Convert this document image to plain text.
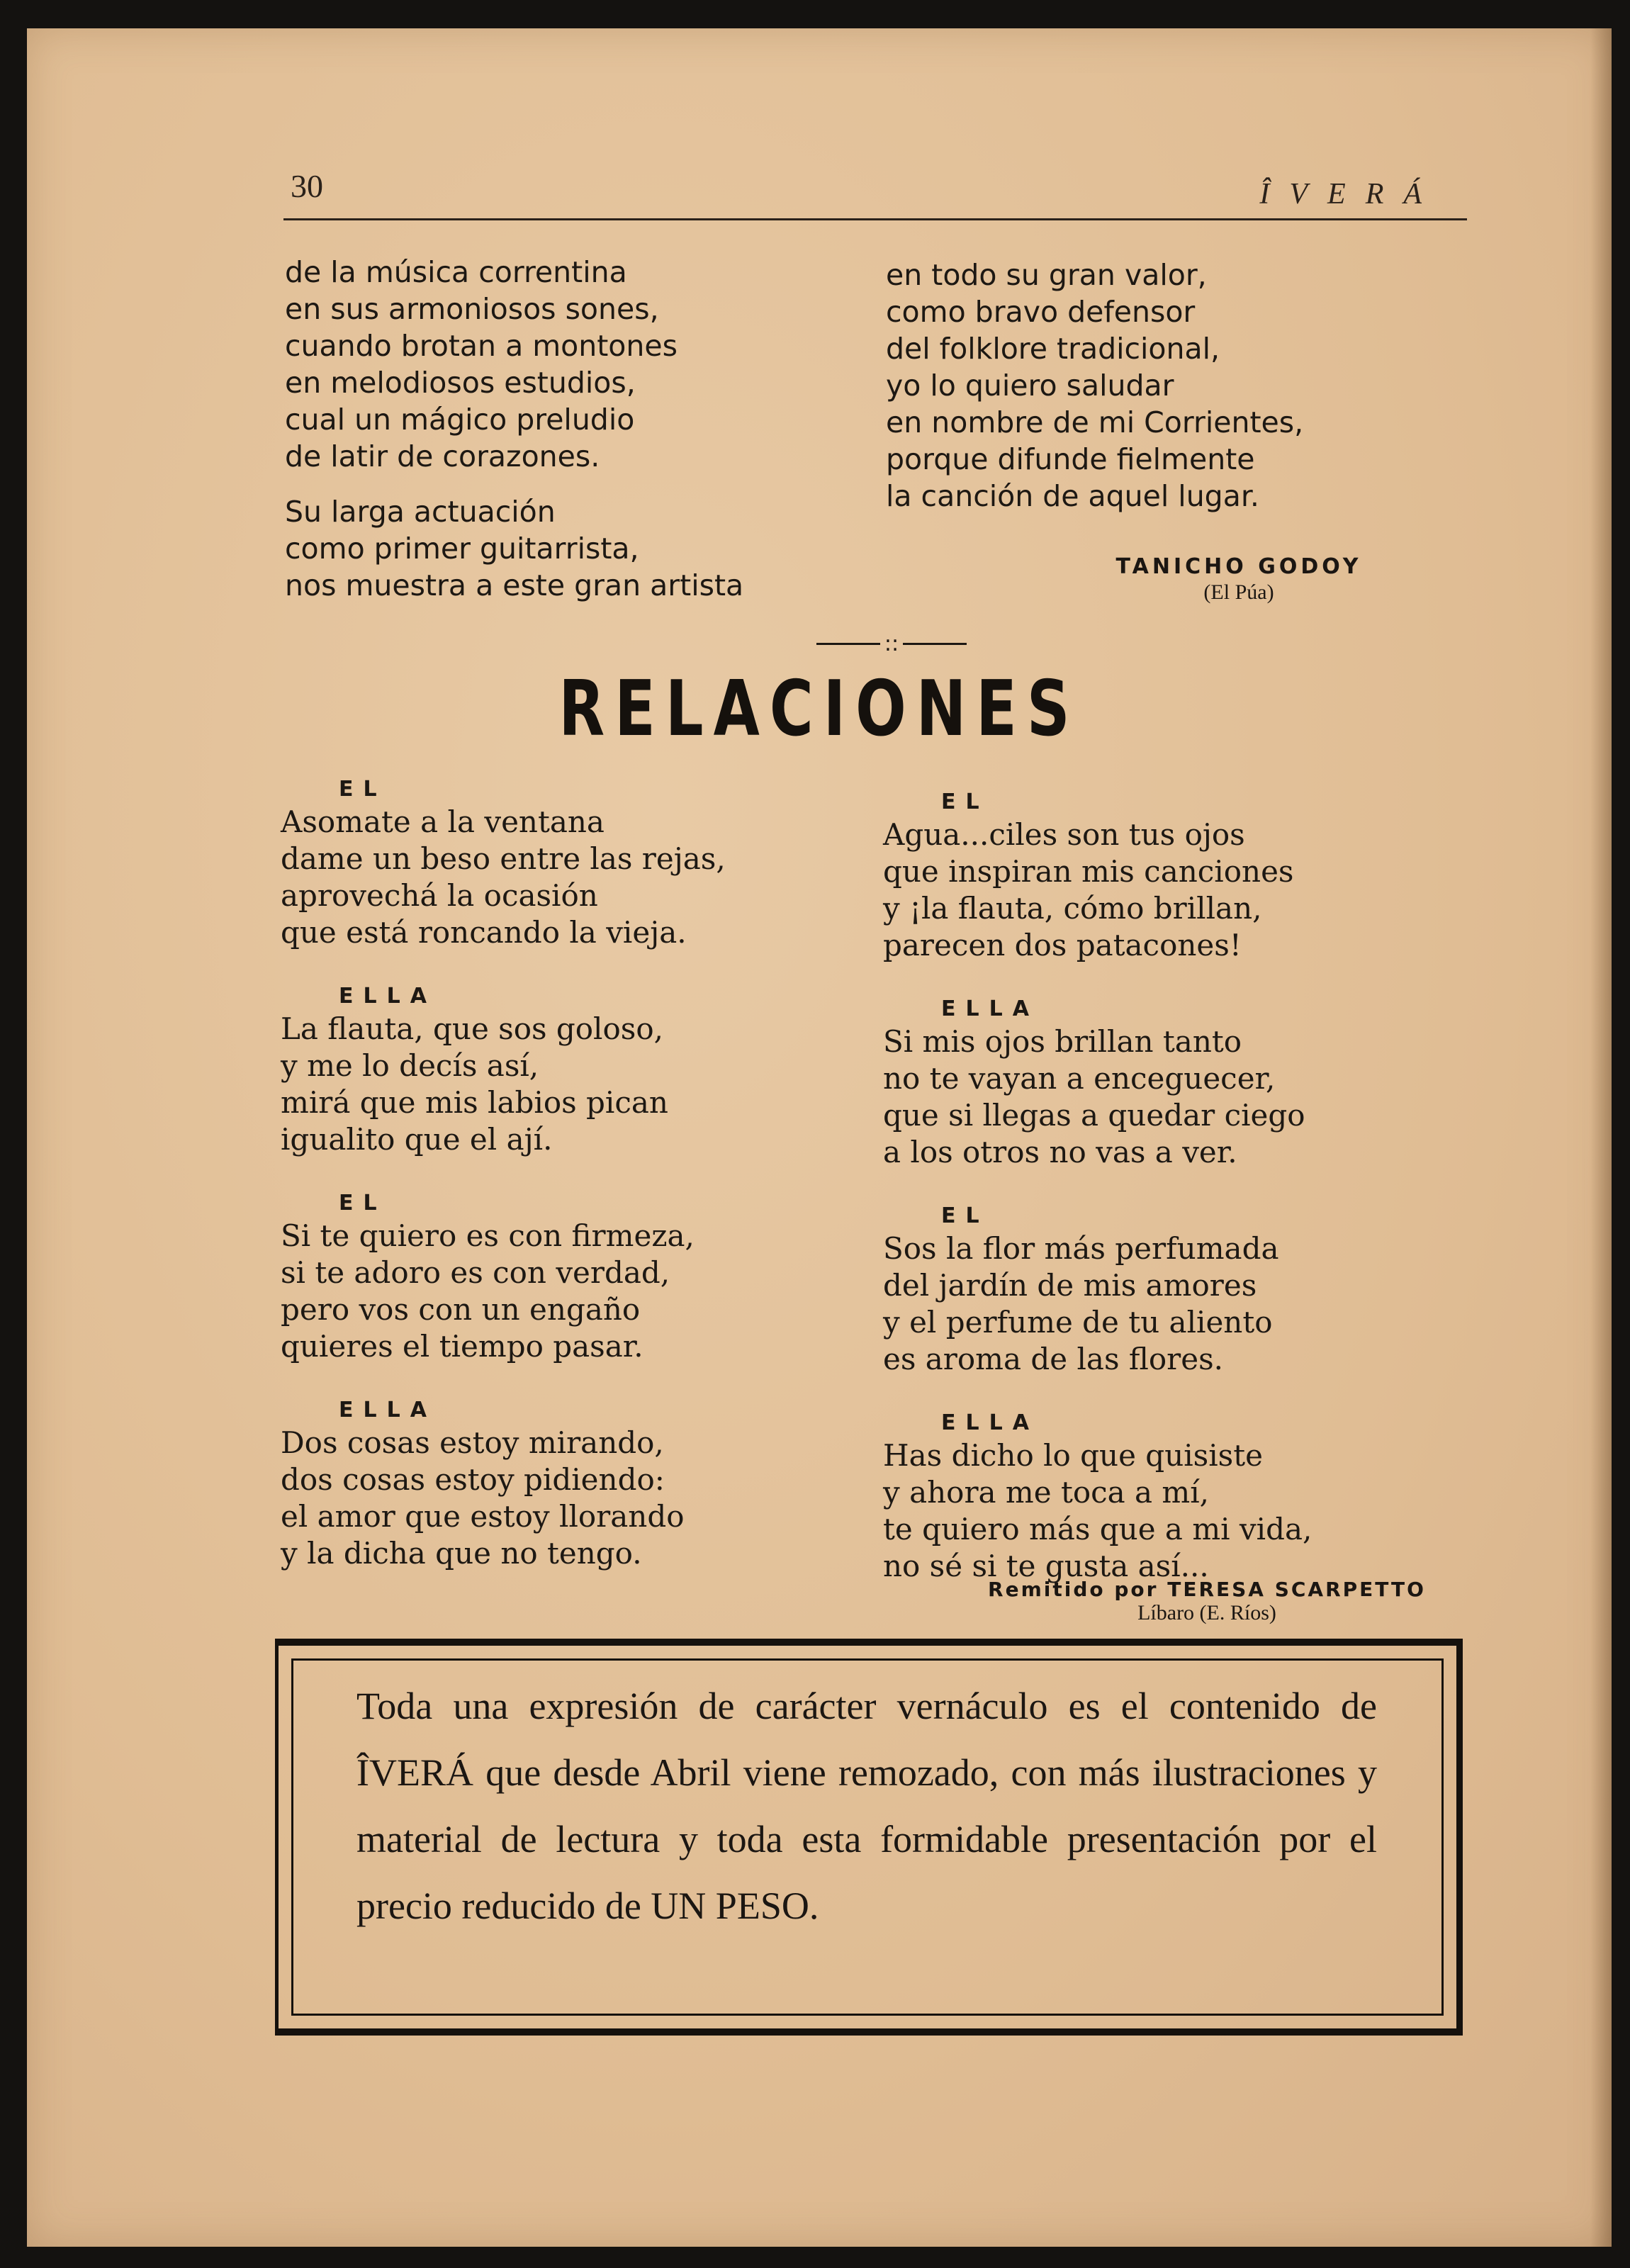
30	ÎVERÁ
de la música correntina
en sus armoniosos sones,
cuando brotan a montones
en melodiosos estudios,
cual un mágico preludio
de latir de corazones.
Su larga actuación
como primer guitarrista,
nos muestra a este gran artista
en todo su gran valor,
como bravo defensor
del folklore tradicional,
yo lo quiero saludar
en nombre de mi Corrientes,
porque difunde fielmente
la canción de aquel lugar.
TANICHO GODOY
(El Púa)
::
RELACIONES
EL
Asomate a la ventana
dame un beso entre las rejas,
aprovechá la ocasión
que está roncando la vieja.
ELLA
La flauta, que sos goloso,
y me lo decís así,
mirá que mis labios pican
igualito que el ají.
EL
Si te quiero es con firmeza,
si te adoro es con verdad,
pero vos con un engaño
quieres el tiempo pasar.
ELLA
Dos cosas estoy mirando,
dos cosas estoy pidiendo:
el amor que estoy llorando
y la dicha que no tengo.
EL
Agua...ciles son tus ojos
que inspiran mis canciones
y ¡la flauta, cómo brillan,
parecen dos patacones!
ELLA
Si mis ojos brillan tanto
no te vayan a enceguecer,
que si llegas a quedar ciego
a los otros no vas a ver.
EL
Sos la flor más perfumada
del jardín de mis amores
y el perfume de tu aliento
es aroma de las flores.
ELLA
Has dicho lo que quisiste
y ahora me toca a mí,
te quiero más que a mi vida,
no sé si te gusta así...
Remitido por TERESA SCARPETTO
Líbaro (E. Ríos)
Toda una expresión de carácter vernáculo es el contenido de ÎVERÁ que desde Abril viene remozado, con más ilustraciones y material de lectura y toda esta formidable presentación por el precio reducido de UN PESO.
